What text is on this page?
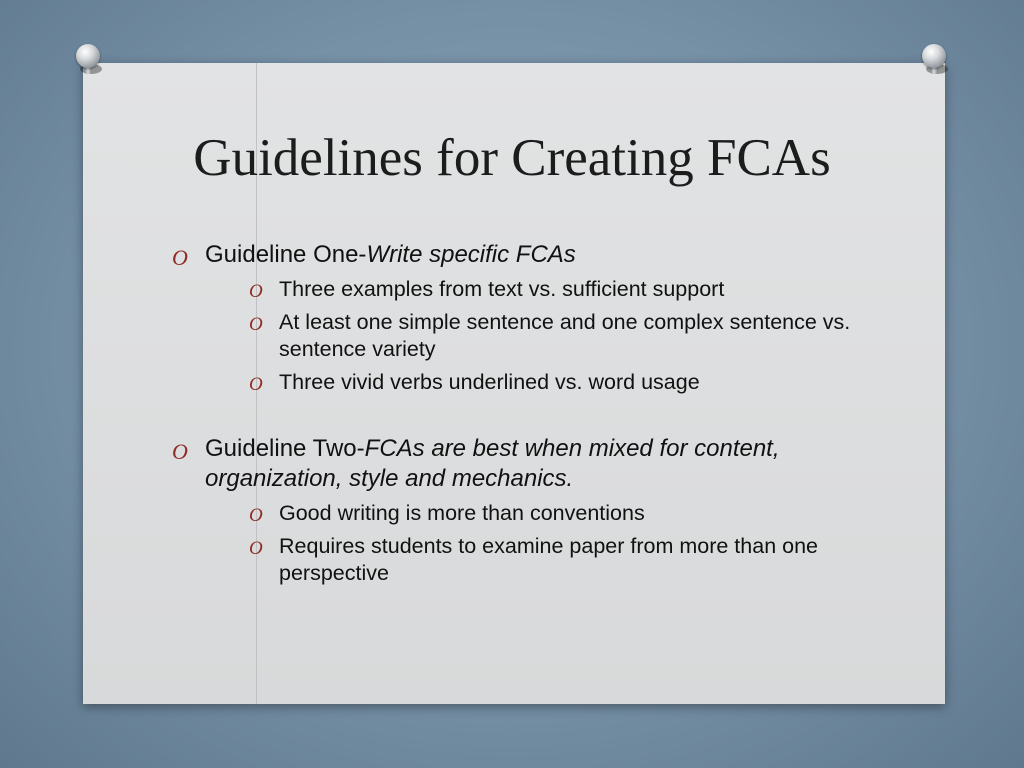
Guidelines for Creating FCAs
O Guideline One-Write specific FCAs
O Three examples from text vs. sufficient support
O At least one simple sentence and one complex sentence vs. sentence variety
O Three vivid verbs underlined vs. word usage
O Guideline Two-FCAs are best when mixed for content, organization, style and mechanics.
O Good writing is more than conventions
O Requires students to examine paper from more than one perspective
